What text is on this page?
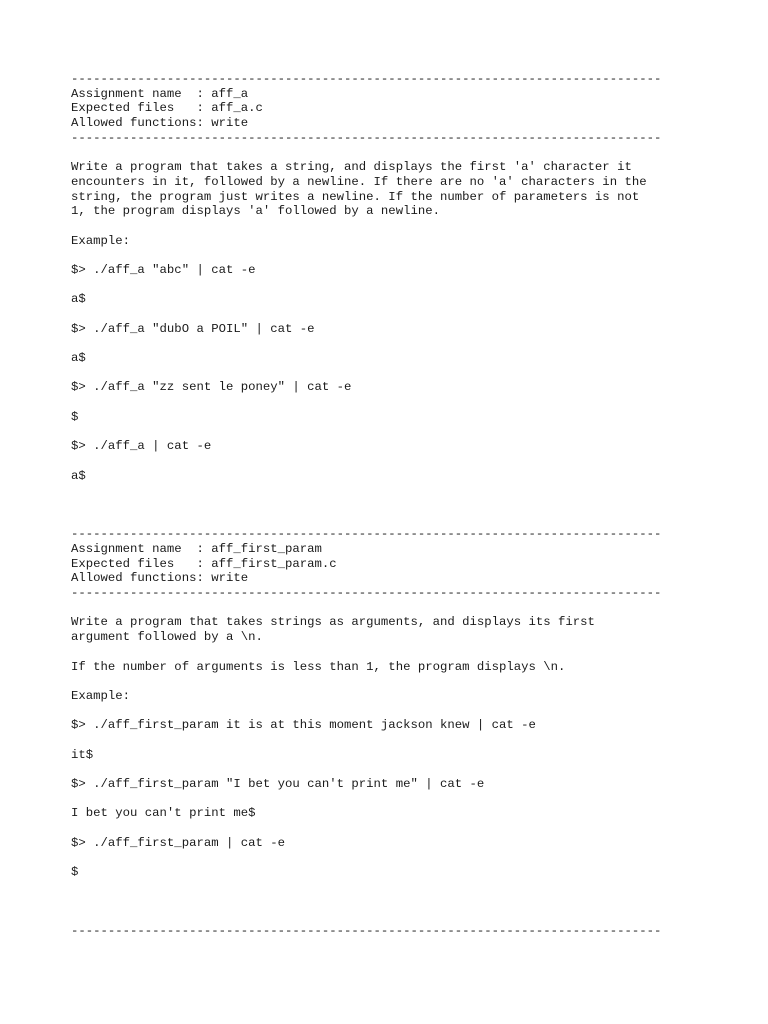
--------------------------------------------------------------------------------
Assignment name  : aff_a
Expected files   : aff_a.c
Allowed functions: write
--------------------------------------------------------------------------------
Write a program that takes a string, and displays the first 'a' character it
encounters in it, followed by a newline. If there are no 'a' characters in the
string, the program just writes a newline. If the number of parameters is not
1, the program displays 'a' followed by a newline.
Example:
$> ./aff_a "abc" | cat -e
a$
$> ./aff_a "dubO a POIL" | cat -e
a$
$> ./aff_a "zz sent le poney" | cat -e
$
$> ./aff_a | cat -e
a$
--------------------------------------------------------------------------------
Assignment name  : aff_first_param
Expected files   : aff_first_param.c
Allowed functions: write
--------------------------------------------------------------------------------
Write a program that takes strings as arguments, and displays its first
argument followed by a \n.
If the number of arguments is less than 1, the program displays \n.
Example:
$> ./aff_first_param it is at this moment jackson knew | cat -e
it$
$> ./aff_first_param "I bet you can't print me" | cat -e
I bet you can't print me$
$> ./aff_first_param | cat -e
$
--------------------------------------------------------------------------------
